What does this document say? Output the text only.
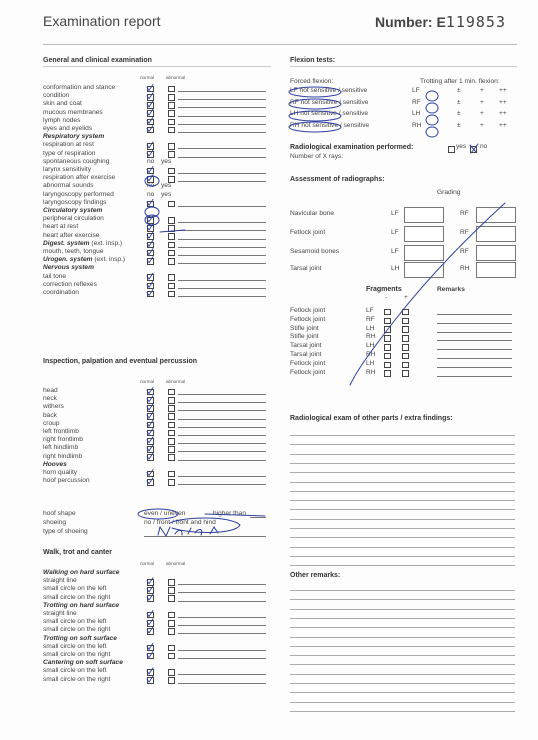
Examination report	Number: E119853
General and clinical examination
normal	abnormal
conformation and stance
condition
skin and coat
mucous membranes
lymph nodes
eyes and eyelids
Respiratory system
respiration at rest
type of respiration
spontaneous coughing	no yes
larynx sensitivity
respiration after exercise
abnormal sounds	no yes
laryngoscopy performed	no yes
laryngoscopy findings
Circulatory system
peripheral circulation
heart at rest
heart after exercise
Digest. system (ext. insp.)
mouth, teeth, tongue
Urogen. system (ext. insp.)
Nervous system
tail tone
correction reflexes
coordination
Inspection, palpation and eventual percussion
normal	abnormal
head
neck
withers
back
croup
left frontlimb
right frontlimb
left hindlimb
right hindlimb
Hooves
horn quality
hoof percussion
hoof shape	even / uneven	higher than
shoeing	no / front / front and hind
type of shoeing
Walk, trot and canter
normal	abnormal
Walking on hard surface
straight line
small circle on the left
small circle on the right
Trotting on hard surface
straight line
small circle on the left
small circle on the right
Trotting on soft surface
small circle on the left
small circle on the right
Cantering on soft surface
small circle on the left
small circle on the right
Flexion tests:
Forced flexion:	Trotting after 1 min. flexion:
LF not sensitive / sensitive	LF	±	+ ++
RF not sensitive / sensitive	RF	±	+ ++
LH not sensitive / sensitive	LH	±	+ ++
RH not sensitive / sensitive	RH	±	+ ++
Radiological examination performed:	yes no
Number of X rays:
Assessment of radiographs:
Grading
Navicular bone	LF	RF
Fetlock joint	LF	RF
Sesamoid bones	LF	RF
Tarsal joint	LH	RH
Fragments	Remarks
-	+
Fetlock joint	LF
Fetlock joint	RF
Stifle joint	LH
Stifle joint	RH
Tarsal joint	LH
Tarsal joint	RH
Fetlock joint	LH
Fetlock joint	RH
Radiological exam of other parts / extra findings:
Other remarks:
